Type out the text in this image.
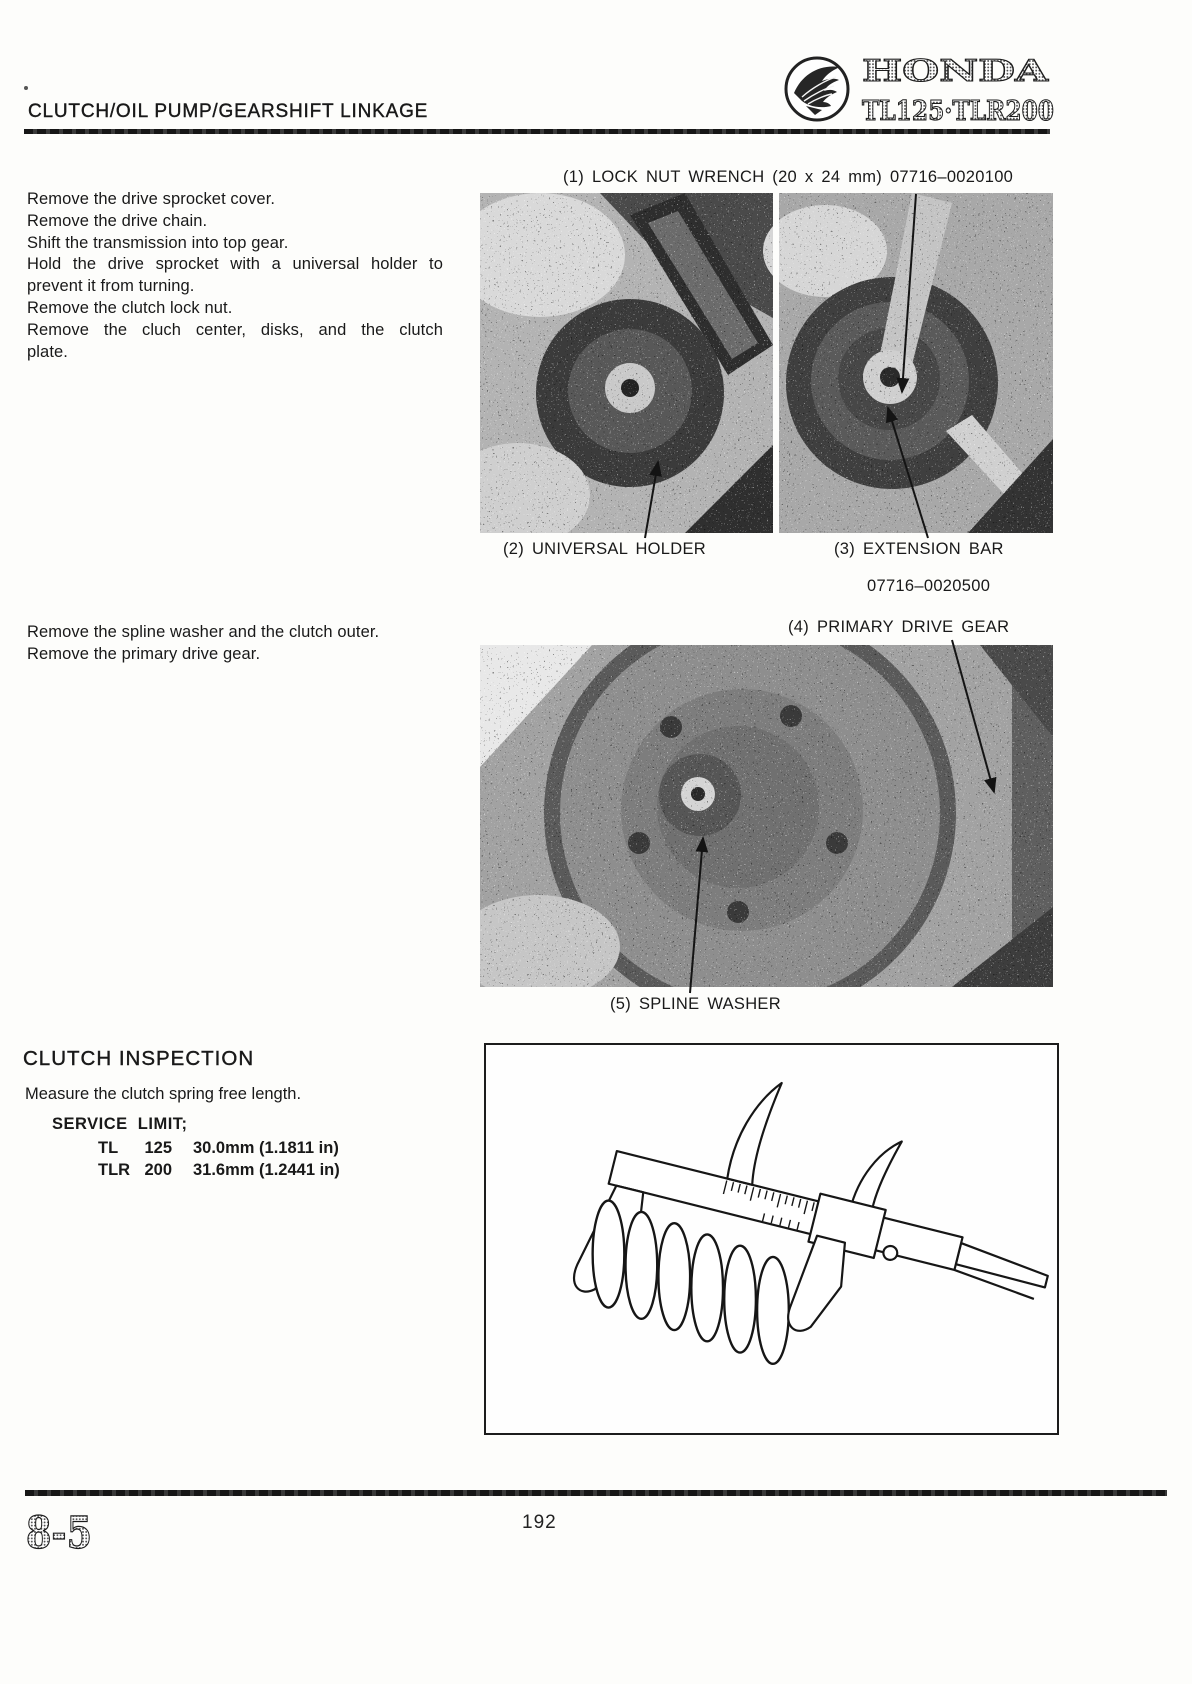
CLUTCH/OIL PUMP/GEARSHIFT LINKAGE
HONDA
TL125·TLR200
Remove the drive sprocket cover.
Remove the drive chain.
Shift the transmission into top gear.
Hold the drive sprocket with a universal holder to
prevent it from turning.
Remove the clutch lock nut.
Remove the cluch center, disks, and the clutch
plate.
Remove the spline washer and the clutch outer.
Remove the primary drive gear.
(1) LOCK NUT WRENCH (20 x 24 mm) 07716–0020100
(2) UNIVERSAL HOLDER	(3) EXTENSION BAR
07716–0020500
(4) PRIMARY DRIVE GEAR
(5) SPLINE WASHER
CLUTCH INSPECTION
Measure the clutch spring free length.
SERVICE  LIMIT;
TL 125 30.0mm (1.1811 in)
TLR 200 31.6mm (1.2441 in)
8-5	192
